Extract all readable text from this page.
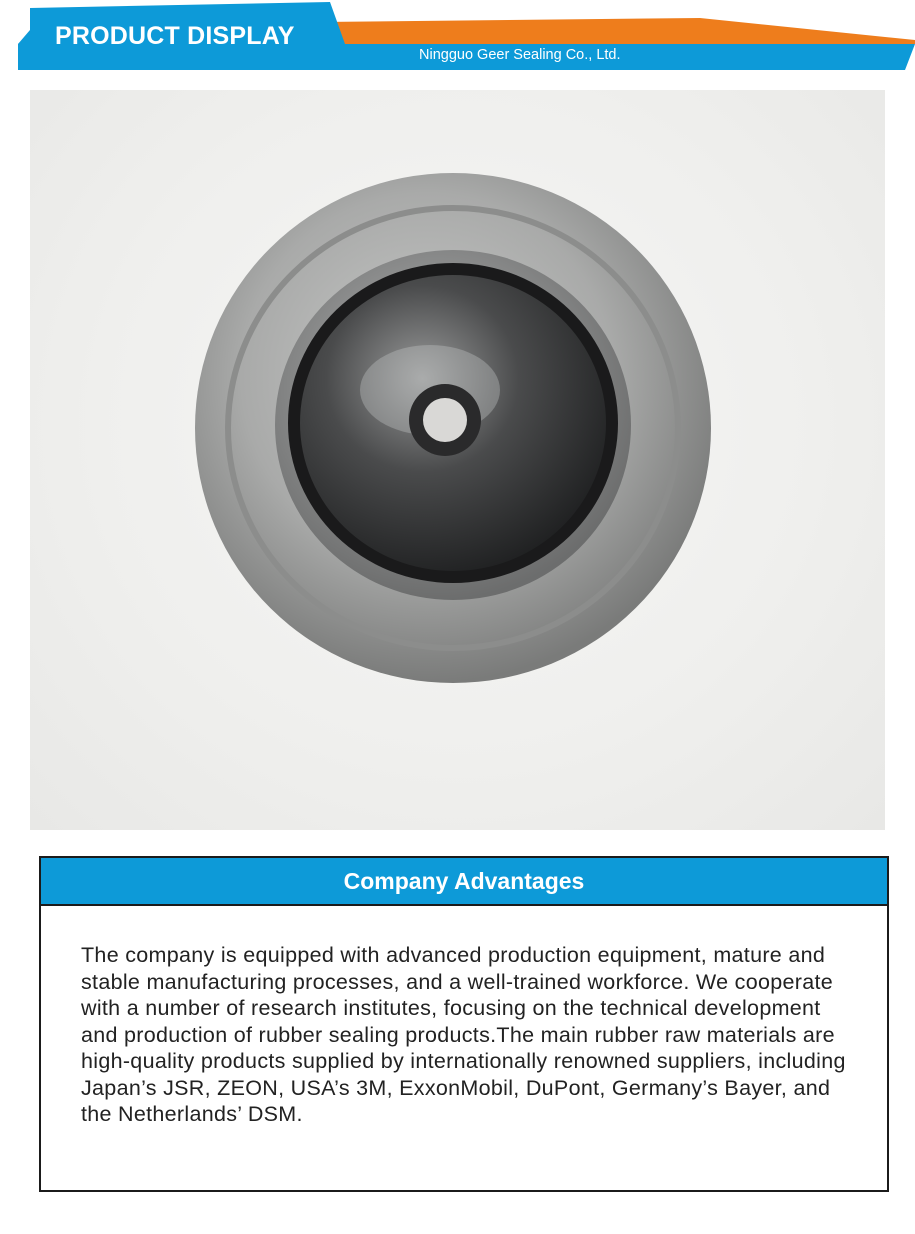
PRODUCT DISPLAY
Ningguo Geer Sealing Co., Ltd.
Company Advantages
The company is equipped with advanced production equipment, mature and stable manufacturing processes, and a well-trained workforce. We cooperate with a number of research institutes, focusing on the technical development and production of rubber sealing products.The main rubber raw materials are high-quality products supplied by internationally renowned suppliers, including Japan’s JSR, ZEON, USA’s 3M, ExxonMobil, DuPont, Germany’s Bayer, and the Netherlands’ DSM.
